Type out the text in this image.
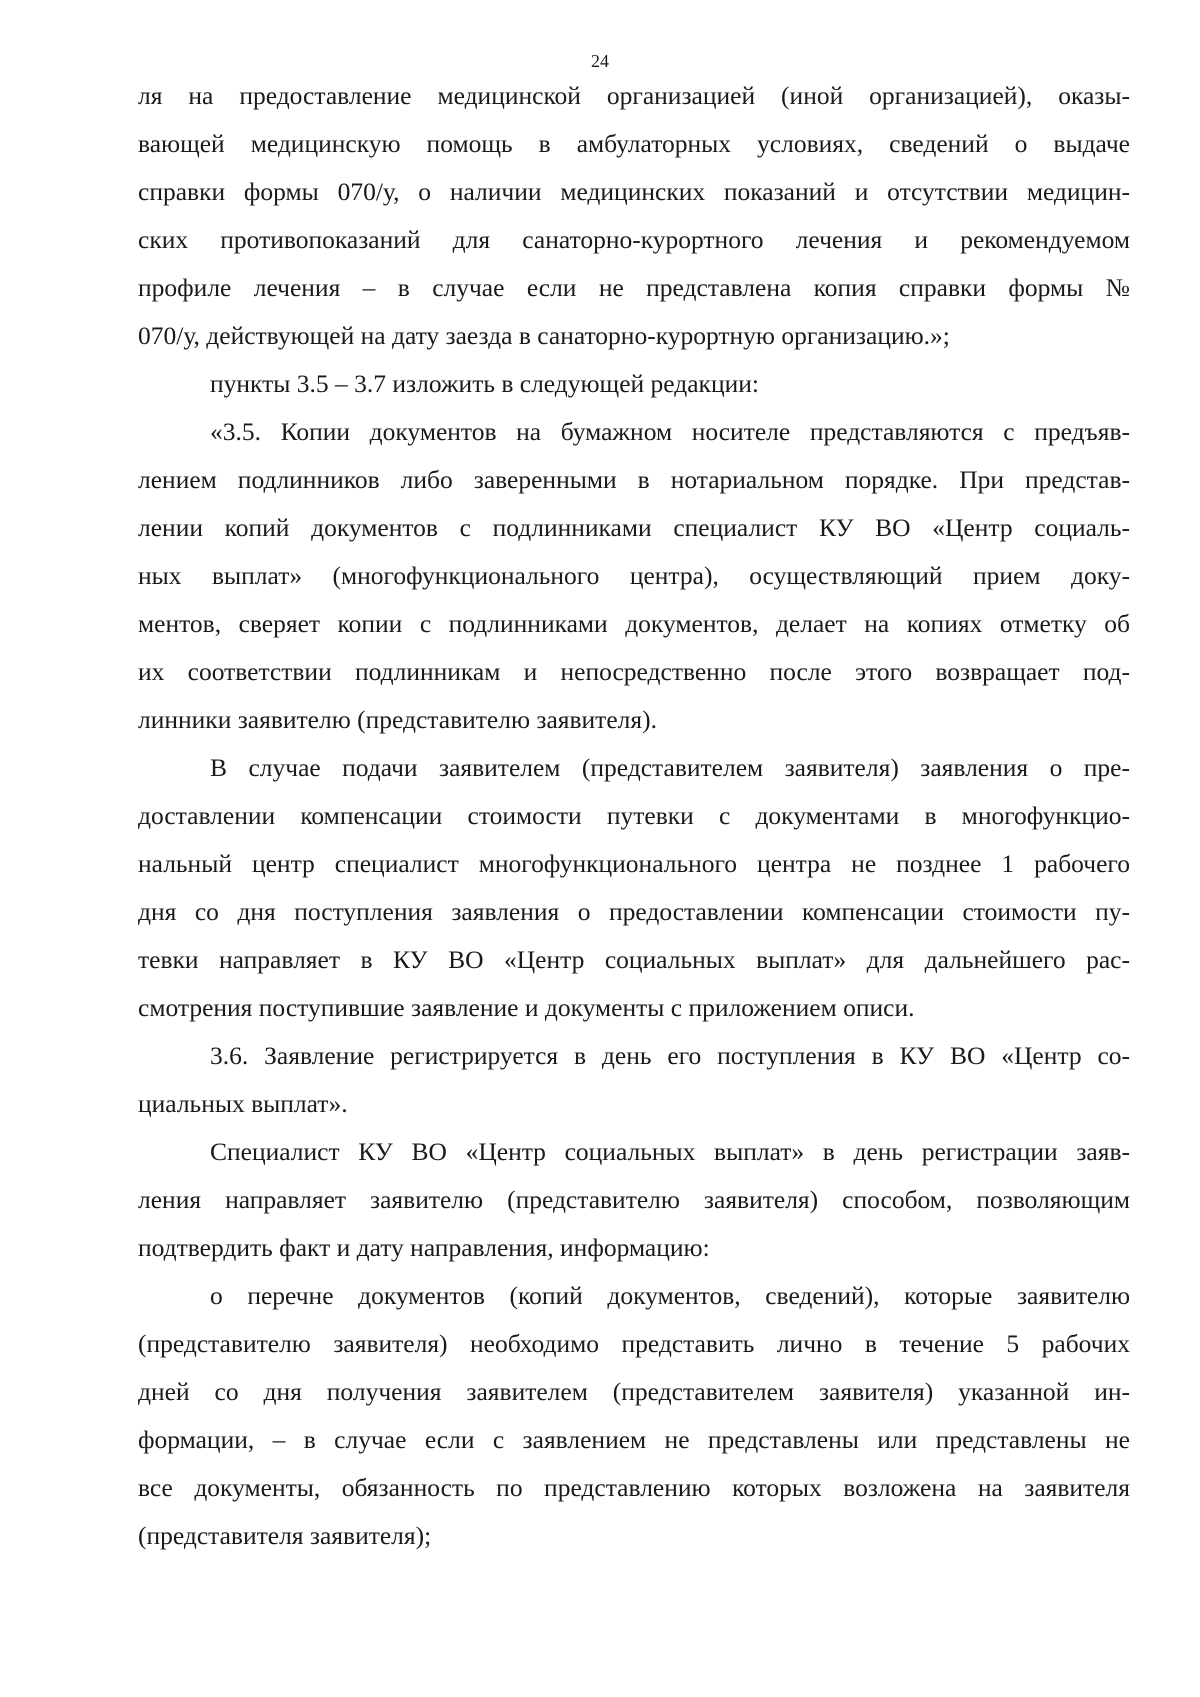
24
ля на предоставление медицинской организацией (иной организацией), оказы-
вающей медицинскую помощь в амбулаторных условиях, сведений о выдаче
справки формы 070/у, о наличии медицинских показаний и отсутствии медицин-
ских противопоказаний для санаторно-курортного лечения и рекомендуемом
профиле лечения – в случае если не представлена копия справки формы №
070/у, действующей на дату заезда в санаторно-курортную организацию.»;
пункты 3.5 – 3.7 изложить в следующей редакции:
«3.5. Копии документов на бумажном носителе представляются с предъяв-
лением подлинников либо заверенными в нотариальном порядке. При представ-
лении копий документов с подлинниками специалист КУ ВО «Центр социаль-
ных выплат» (многофункционального центра), осуществляющий прием доку-
ментов, сверяет копии с подлинниками документов, делает на копиях отметку об
их соответствии подлинникам и непосредственно после этого возвращает под-
линники заявителю (представителю заявителя).
В случае подачи заявителем (представителем заявителя) заявления о пре-
доставлении компенсации стоимости путевки с документами в многофункцио-
нальный центр специалист многофункционального центра не позднее 1 рабочего
дня со дня поступления заявления о предоставлении компенсации стоимости пу-
тевки направляет в КУ ВО «Центр социальных выплат» для дальнейшего рас-
смотрения поступившие заявление и документы с приложением описи.
3.6. Заявление регистрируется в день его поступления в КУ ВО «Центр со-
циальных выплат».
Специалист КУ ВО «Центр социальных выплат» в день регистрации заяв-
ления направляет заявителю (представителю заявителя) способом, позволяющим
подтвердить факт и дату направления, информацию:
о перечне документов (копий документов, сведений), которые заявителю
(представителю заявителя) необходимо представить лично в течение 5 рабочих
дней со дня получения заявителем (представителем заявителя) указанной ин-
формации, – в случае если с заявлением не представлены или представлены не
все документы, обязанность по представлению которых возложена на заявителя
(представителя заявителя);
